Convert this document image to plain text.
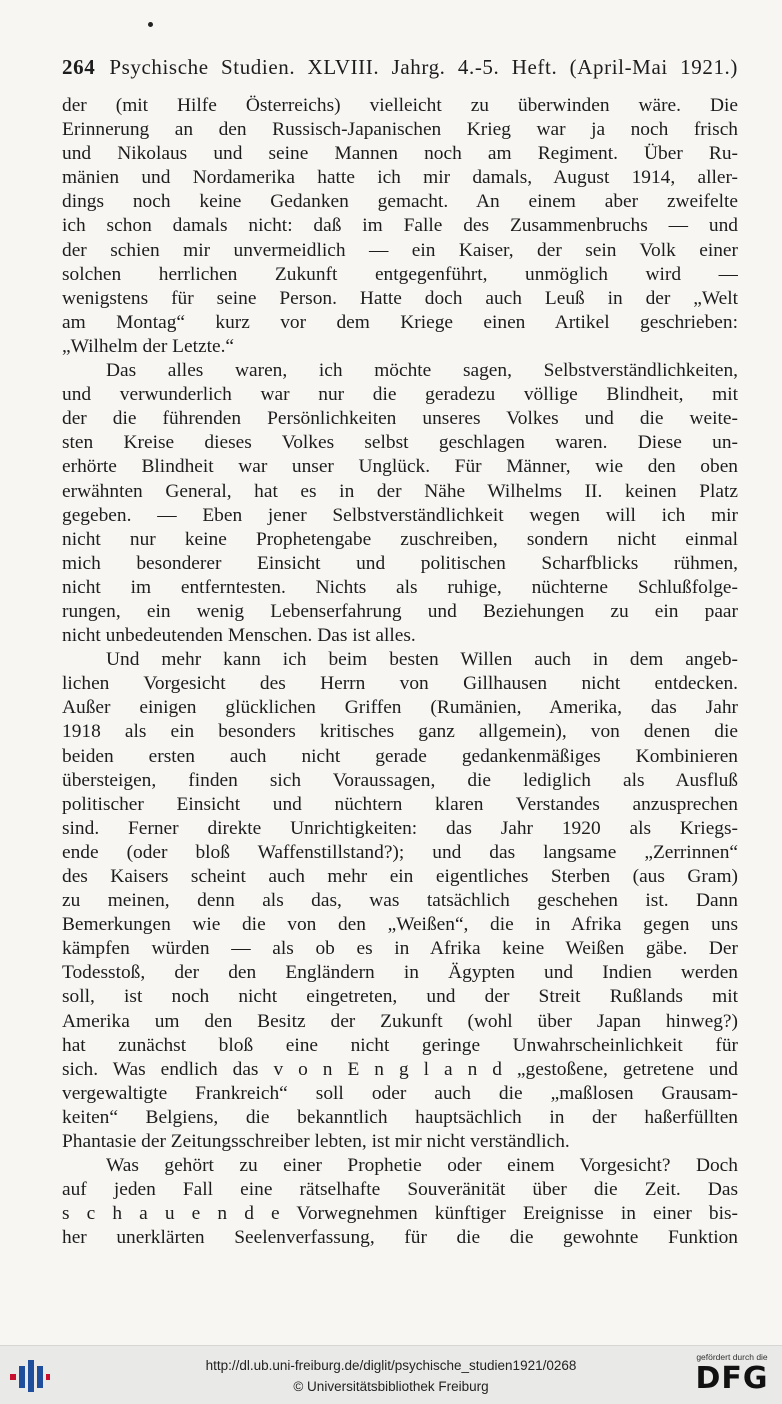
264 Psychische Studien. XLVIII. Jahrg. 4.-5. Heft. (April-Mai 1921.)
der (mit Hilfe Österreichs) vielleicht zu überwinden wäre. Die
Erinnerung an den Russisch-Japanischen Krieg war ja noch frisch
und Nikolaus und seine Mannen noch am Regiment. Über Ru-
mänien und Nordamerika hatte ich mir damals, August 1914, aller-
dings noch keine Gedanken gemacht. An einem aber zweifelte
ich schon damals nicht: daß im Falle des Zusammenbruchs — und
der schien mir unvermeidlich — ein Kaiser, der sein Volk einer
solchen herrlichen Zukunft entgegenführt, unmöglich wird —
wenigstens für seine Person. Hatte doch auch Leuß in der „Welt
am Montag“ kurz vor dem Kriege einen Artikel geschrieben:
„Wilhelm der Letzte.“
Das alles waren, ich möchte sagen, Selbstverständlichkeiten,
und verwunderlich war nur die geradezu völlige Blindheit, mit
der die führenden Persönlichkeiten unseres Volkes und die weite-
sten Kreise dieses Volkes selbst geschlagen waren. Diese un-
erhörte Blindheit war unser Unglück. Für Männer, wie den oben
erwähnten General, hat es in der Nähe Wilhelms II. keinen Platz
gegeben. — Eben jener Selbstverständlichkeit wegen will ich mir
nicht nur keine Prophetengabe zuschreiben, sondern nicht einmal
mich besonderer Einsicht und politischen Scharfblicks rühmen,
nicht im entferntesten. Nichts als ruhige, nüchterne Schlußfolge-
rungen, ein wenig Lebenserfahrung und Beziehungen zu ein paar
nicht unbedeutenden Menschen. Das ist alles.
Und mehr kann ich beim besten Willen auch in dem angeb-
lichen Vorgesicht des Herrn von Gillhausen nicht entdecken.
Außer einigen glücklichen Griffen (Rumänien, Amerika, das Jahr
1918 als ein besonders kritisches ganz allgemein), von denen die
beiden ersten auch nicht gerade gedankenmäßiges Kombinieren
übersteigen, finden sich Voraussagen, die lediglich als Ausfluß
politischer Einsicht und nüchtern klaren Verstandes anzusprechen
sind. Ferner direkte Unrichtigkeiten: das Jahr 1920 als Kriegs-
ende (oder bloß Waffenstillstand?); und das langsame „Zerrinnen“
des Kaisers scheint auch mehr ein eigentliches Sterben (aus Gram)
zu meinen, denn als das, was tatsächlich geschehen ist. Dann
Bemerkungen wie die von den „Weißen“, die in Afrika gegen uns
kämpfen würden — als ob es in Afrika keine Weißen gäbe. Der
Todesstoß, der den Engländern in Ägypten und Indien werden
soll, ist noch nicht eingetreten, und der Streit Rußlands mit
Amerika um den Besitz der Zukunft (wohl über Japan hinweg?)
hat zunächst bloß eine nicht geringe Unwahrscheinlichkeit für
sich. Was endlich das v o n E n g l a n d „gestoßene, getretene und
vergewaltigte Frankreich“ soll oder auch die „maßlosen Grausam-
keiten“ Belgiens, die bekanntlich hauptsächlich in der haßerfüllten
Phantasie der Zeitungsschreiber lebten, ist mir nicht verständlich.
Was gehört zu einer Prophetie oder einem Vorgesicht? Doch
auf jeden Fall eine rätselhafte Souveränität über die Zeit. Das
s c h a u e n d e Vorwegnehmen künftiger Ereignisse in einer bis-
her unerklärten Seelenverfassung, für die die gewohnte Funktion
http://dl.ub.uni-freiburg.de/diglit/psychische_studien1921/0268
© Universitätsbibliothek Freiburg
gefördert durch die
DFG
